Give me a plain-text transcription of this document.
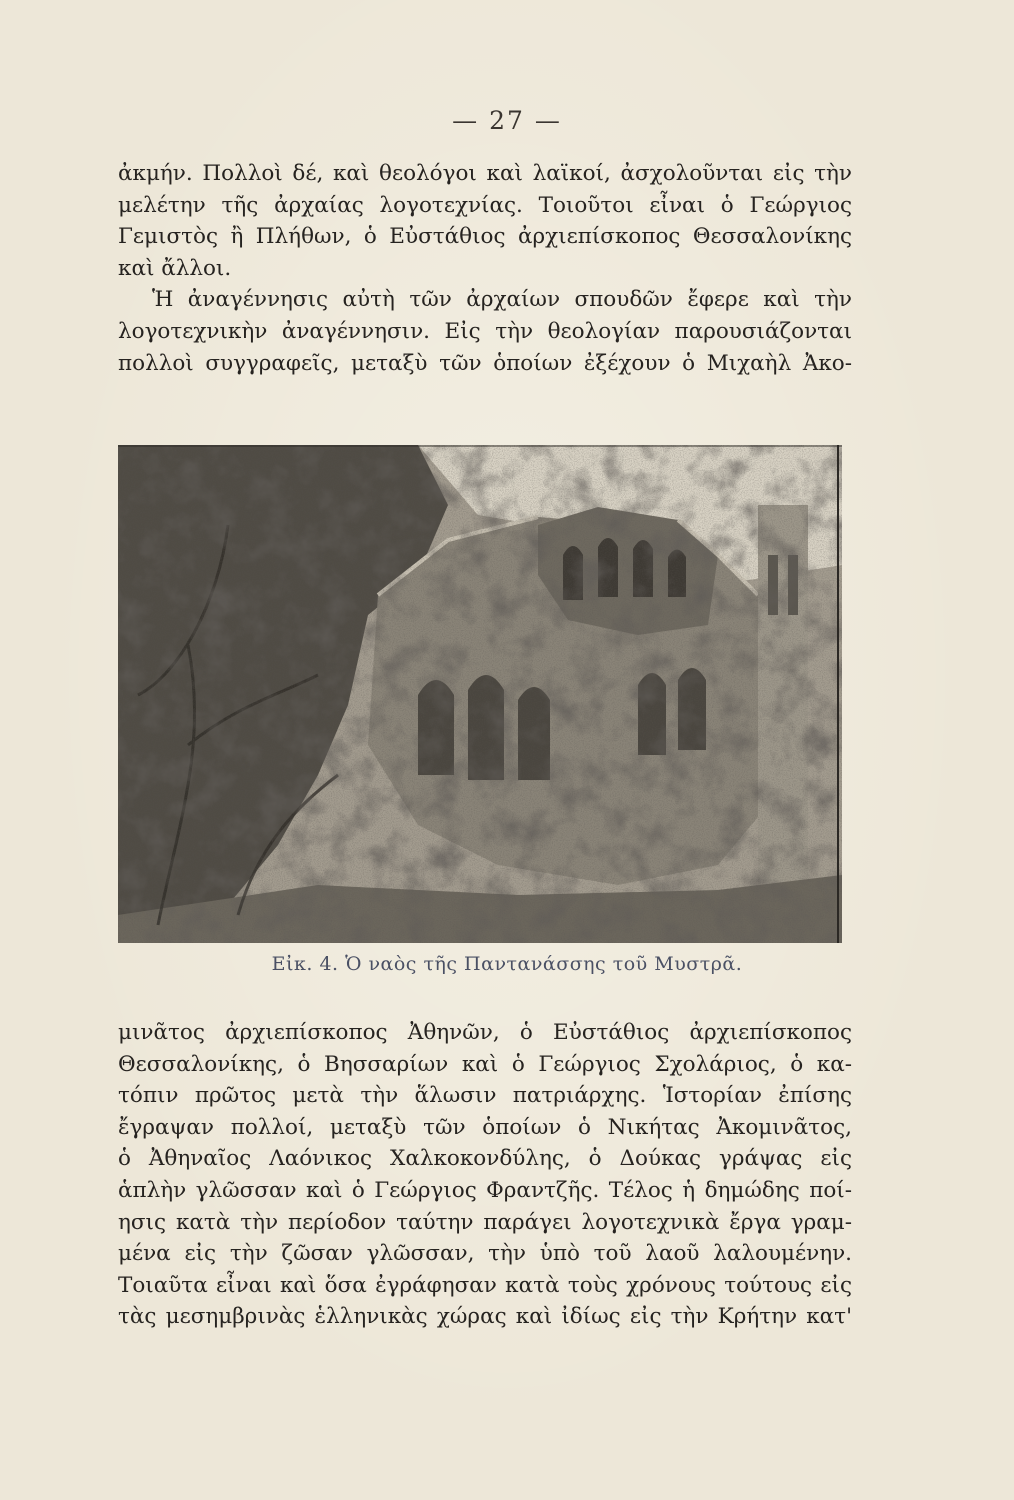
— 27 —
ἀκμήν. Πολλοὶ δέ, καὶ θεολόγοι καὶ λαϊκοί, ἀσχολοῦνται εἰς τὴν
μελέτην τῆς ἀρχαίας λογοτεχνίας. Τοιοῦτοι εἶναι ὁ Γεώργιος
Γεμιστὸς ἢ Πλήθων, ὁ Εὐστάθιος ἀρχιεπίσκοπος Θεσσαλονίκης
καὶ ἄλλοι.
Ἡ ἀναγέννησις αὐτὴ τῶν ἀρχαίων σπουδῶν ἔφερε καὶ τὴν
λογοτεχνικὴν ἀναγέννησιν. Εἰς τὴν θεολογίαν παρουσιάζονται
πολλοὶ συγγραφεῖς, μεταξὺ τῶν ὁποίων ἐξέχουν ὁ Μιχαὴλ Ἀκο-
Εἰκ. 4. Ὁ ναὸς τῆς Παντανάσσης τοῦ Μυστρᾶ.
μινᾶτος ἀρχιεπίσκοπος Ἀθηνῶν, ὁ Εὐστάθιος ἀρχιεπίσκοπος
Θεσσαλονίκης, ὁ Βησσαρίων καὶ ὁ Γεώργιος Σχολάριος, ὁ κα-
τόπιν πρῶτος μετὰ τὴν ἅλωσιν πατριάρχης. Ἱστορίαν ἐπίσης
ἔγραψαν πολλοί, μεταξὺ τῶν ὁποίων ὁ Νικήτας Ἀκομινᾶτος,
ὁ Ἀθηναῖος Λαόνικος Χαλκοκονδύλης, ὁ Δούκας γράψας εἰς
ἁπλὴν γλῶσσαν καὶ ὁ Γεώργιος Φραντζῆς. Τέλος ἡ δημώδης ποί-
ησις κατὰ τὴν περίοδον ταύτην παράγει λογοτεχνικὰ ἔργα γραμ-
μένα εἰς τὴν ζῶσαν γλῶσσαν, τὴν ὑπὸ τοῦ λαοῦ λαλουμένην.
Τοιαῦτα εἶναι καὶ ὅσα ἐγράφησαν κατὰ τοὺς χρόνους τούτους εἰς
τὰς μεσημβρινὰς ἑλληνικὰς χώρας καὶ ἰδίως εἰς τὴν Κρήτην κατ'
